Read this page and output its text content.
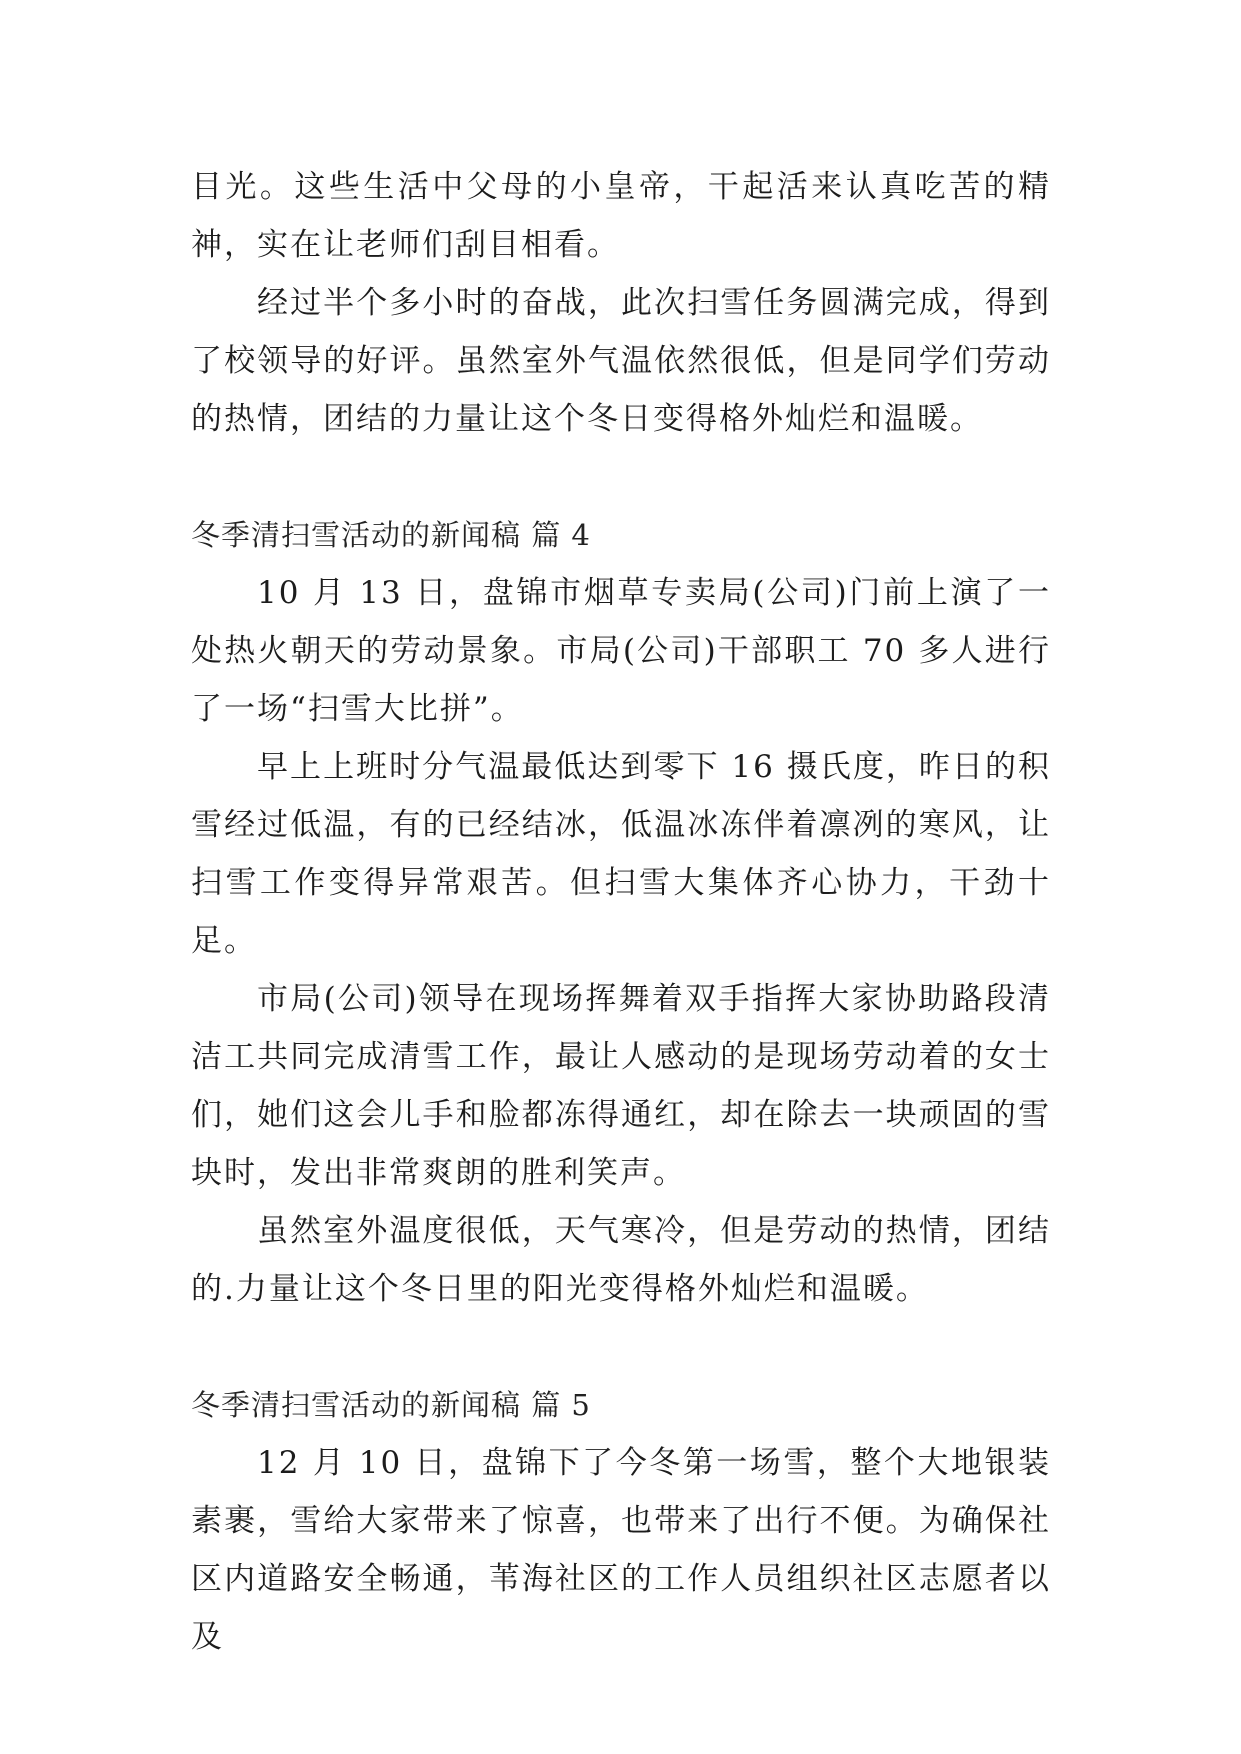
目光。这些生活中父母的小皇帝，干起活来认真吃苦的精神，实在让老师们刮目相看。

经过半个多小时的奋战，此次扫雪任务圆满完成，得到了校领导的好评。虽然室外气温依然很低，但是同学们劳动的热情，团结的力量让这个冬日变得格外灿烂和温暖。

冬季清扫雪活动的新闻稿 篇 4

10 月 13 日，盘锦市烟草专卖局(公司)门前上演了一处热火朝天的劳动景象。市局(公司)干部职工 70 多人进行了一场“扫雪大比拼”。

早上上班时分气温最低达到零下 16 摄氏度，昨日的积雪经过低温，有的已经结冰，低温冰冻伴着凛冽的寒风，让扫雪工作变得异常艰苦。但扫雪大集体齐心协力，干劲十足。

市局(公司)领导在现场挥舞着双手指挥大家协助路段清洁工共同完成清雪工作，最让人感动的是现场劳动着的女士们，她们这会儿手和脸都冻得通红，却在除去一块顽固的雪块时，发出非常爽朗的胜利笑声。

虽然室外温度很低，天气寒冷，但是劳动的热情，团结的.力量让这个冬日里的阳光变得格外灿烂和温暖。

冬季清扫雪活动的新闻稿 篇 5

12 月 10 日，盘锦下了今冬第一场雪，整个大地银装素裹，雪给大家带来了惊喜，也带来了出行不便。为确保社区内道路安全畅通，苇海社区的工作人员组织社区志愿者以及
